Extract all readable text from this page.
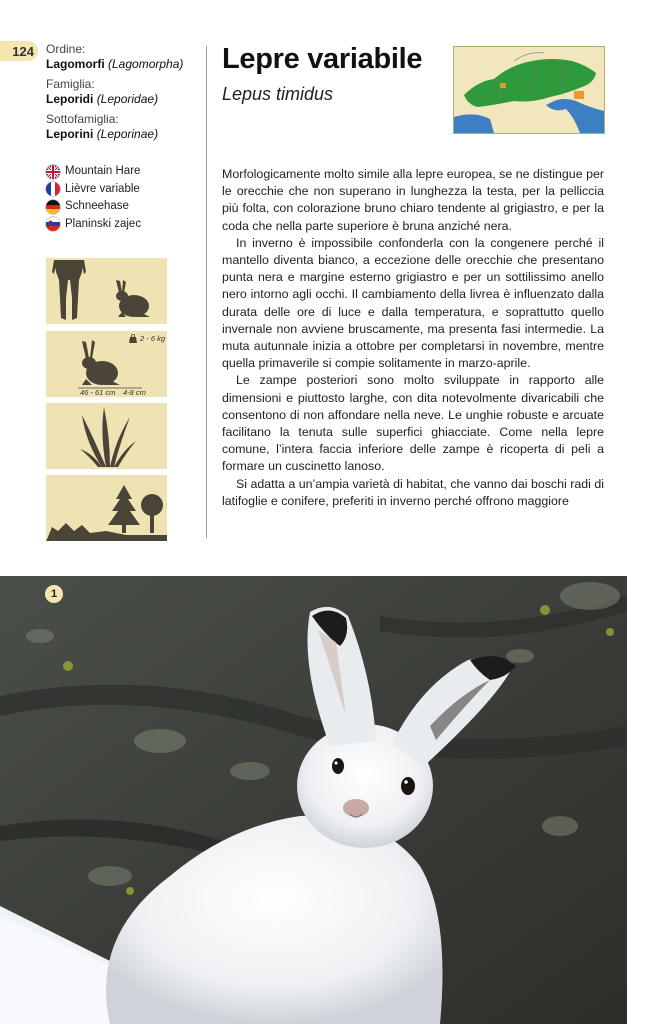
124	Ordine:
Lagomorfi (Lagomorpha)
Famiglia:
Leporidi (Leporidae)
Sottofamiglia:
Leporini (Leporinae)
Mountain Hare
Lièvre variable
Schneehase
Planinski zajec
2 - 6 kg
46 - 61 cm 4-8 cm
Lepre variabile
Lepus timidus

Morfologicamente molto simile alla lepre europea, se ne distingue per le orecchie che non superano in lunghezza la testa, per la pelliccia più folta, con colorazione bruno chiaro tendente al grigiastro, e per la coda che nella parte superiore è bruna anziché nera.

In inverno è impossibile confonderla con la congenere perché il mantello diventa bianco, a eccezione delle orecchie che presentano punta nera e margine esterno grigiastro e per un sottilissimo anello nero intorno agli occhi. Il cambiamento della livrea è influenzato dalla durata delle ore di luce e dalla temperatura, e soprattutto quello invernale non avviene bruscamente, ma presenta fasi intermedie. La muta autunnale inizia a ottobre per completarsi in novembre, mentre quella primaverile si compie solitamente in marzo-aprile.

Le zampe posteriori sono molto sviluppate in rapporto alle dimensioni e piuttosto larghe, con dita notevolmente divaricabili che consentono di non affondare nella neve. Le unghie robuste e arcuate facilitano la tenuta sulle superfici ghiacciate. Come nella lepre comune, l’intera faccia inferiore delle zampe è ricoperta di peli a formare un cuscinetto lanoso.

Si adatta a un’ampia varietà di habitat, che vanno dai boschi radi di latifoglie e conifere, preferiti in inverno perché offrono maggiore

1
